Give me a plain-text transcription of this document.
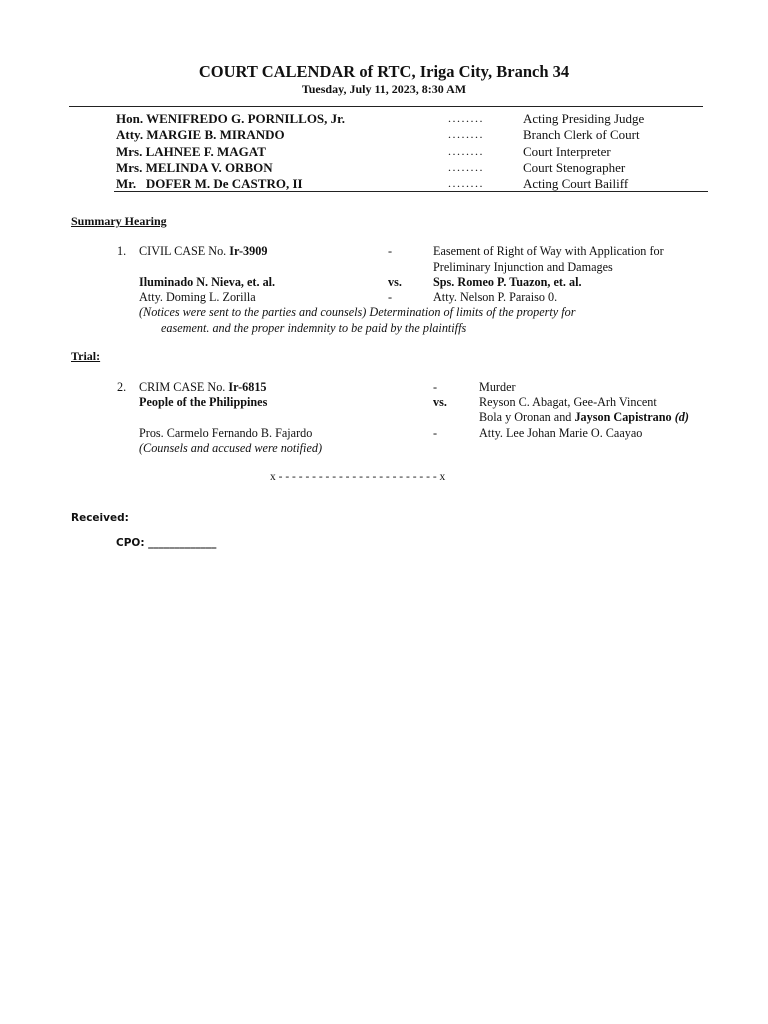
COURT CALENDAR of RTC, Iriga City, Branch 34
Tuesday, July 11, 2023, 8:30 AM
Hon. WENIFREDO G. PORNILLOS, Jr.	........	Acting Presiding Judge
Atty. MARGIE B. MIRANDO	........	Branch Clerk of Court
Mrs. LAHNEE F. MAGAT	........	Court Interpreter
Mrs. MELINDA V. ORBON	........	Court Stenographer
Mr.   DOFER M. De CASTRO, II	........	Acting Court Bailiff
Summary Hearing
1. CIVIL CASE No. Ir-3909	-	Easement of Right of Way with Application for
Preliminary Injunction and Damages
Iluminado N. Nieva, et. al.	vs.	Sps. Romeo P. Tuazon, et. al.
Atty. Doming L. Zorilla	-	Atty. Nelson P. Paraiso 0.
(Notices were sent to the parties and counsels) Determination of limits of the property for
easement. and the proper indemnity to be paid by the plaintiffs
Trial:
2. CRIM CASE No. Ir-6815	-	Murder
People of the Philippines	vs.	Reyson C. Abagat, Gee-Arh Vincent
Bola y Oronan and Jayson Capistrano (d)
Pros. Carmelo Fernando B. Fajardo	-	Atty. Lee Johan Marie O. Caayao
(Counsels and accused were notified)
x - - - - - - - - - - - - - - - - - - - - - - - - x
Received:
CPO: _____________
